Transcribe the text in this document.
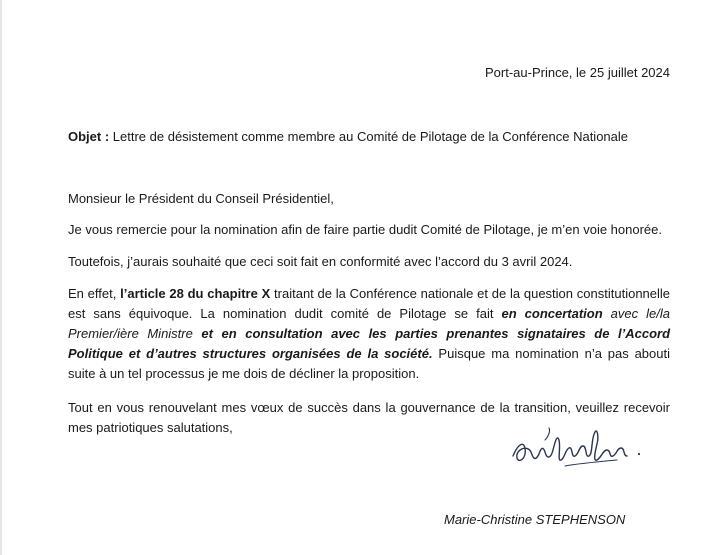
Port-au-Prince, le 25 juillet 2024
Objet : Lettre de désistement comme membre au Comité de Pilotage de la Conférence Nationale
Monsieur le Président du Conseil Présidentiel,
Je vous remercie pour la nomination afin de faire partie dudit Comité de Pilotage, je m’en voie honorée.
Toutefois, j’aurais souhaité que ceci soit fait en conformité avec l’accord du 3 avril 2024.
En effet, l’article 28 du chapitre X traitant de la Conférence nationale et de la question constitutionnelle est sans équivoque. La nomination dudit comité de Pilotage se fait en concertation avec le/la Premier/ière Ministre et en consultation avec les parties prenantes signataires de l’Accord Politique et d’autres structures organisées de la société. Puisque ma nomination n’a pas abouti suite à un tel processus je me dois de décliner la proposition.
Tout en vous renouvelant mes vœux de succès dans la gouvernance de la transition, veuillez recevoir mes patriotiques salutations,
Marie-Christine STEPHENSON
